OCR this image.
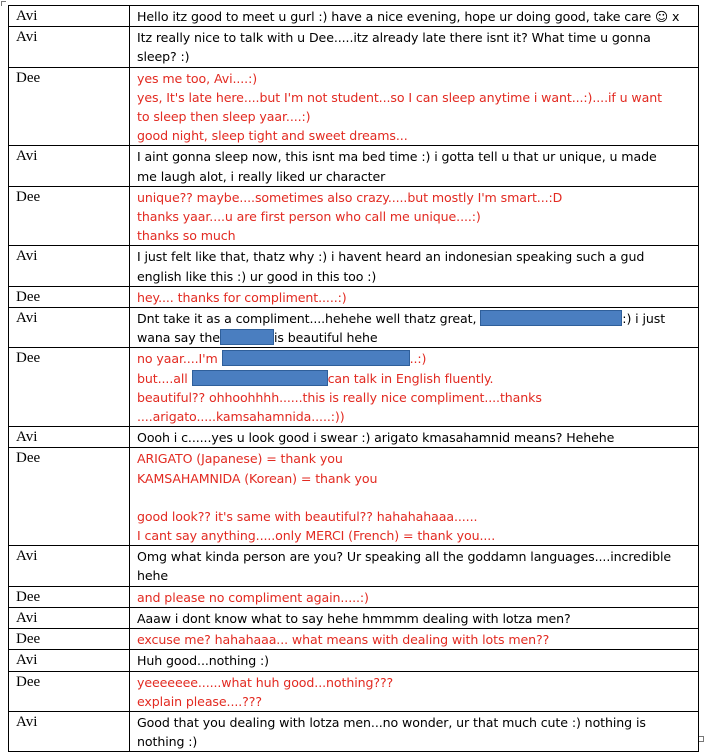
Avi	Hello itz good to meet u gurl :) have a nice evening, hope ur doing good, take care ☺ x

Avi	Itz really nice to talk with u Dee.....itz already late there isnt it? What time u gonna
sleep? :)

Dee	yes me too, Avi....:)
yes, It's late here....but I'm not student...so I can sleep anytime i want...:)....if u want
to sleep then sleep yaar....:)
good night, sleep tight and sweet dreams...

Avi	I aint gonna sleep now, this isnt ma bed time :) i gotta tell u that ur unique, u made
me laugh alot, i really liked ur character

Dee	unique?? maybe....sometimes also crazy.....but mostly I'm smart...:D
thanks yaar....u are first person who call me unique....:)
thanks so much

Avi	I just felt like that, thatz why :) i havent heard an indonesian speaking such a gud
english like this :) ur good in this too :)

Dee	hey.... thanks for compliment.....:)

Avi	Dnt take it as a compliment....hehehe well thatz great, :) i just
wana say the is beautiful hehe

Dee	no yaar....I'm ..:)
but....all can talk in English fluently.
beautiful?? ohhoohhhh......this is really nice compliment....thanks
....arigato.....kamsahamnida.....:))

Avi	Oooh i c......yes u look good i swear :) arigato kmasahamnid means? Hehehe

Dee	ARIGATO (Japanese) = thank you
KAMSAHAMNIDA (Korean) = thank you
good look?? it's same with beautiful?? hahahahaaa......
I cant say anything.....only MERCI (French) = thank you....

Avi	Omg what kinda person are you? Ur speaking all the goddamn languages....incredible
hehe

Dee	and please no compliment again.....:)

Avi	Aaaw i dont know what to say hehe hmmmm dealing with lotza men?

Dee	excuse me? hahahaaa... what means with dealing with lots men??

Avi	Huh good...nothing :)

Dee	yeeeeeee......what huh good...nothing???
explain please....???

Avi	Good that you dealing with lotza men...no wonder, ur that much cute :) nothing is
nothing :)
